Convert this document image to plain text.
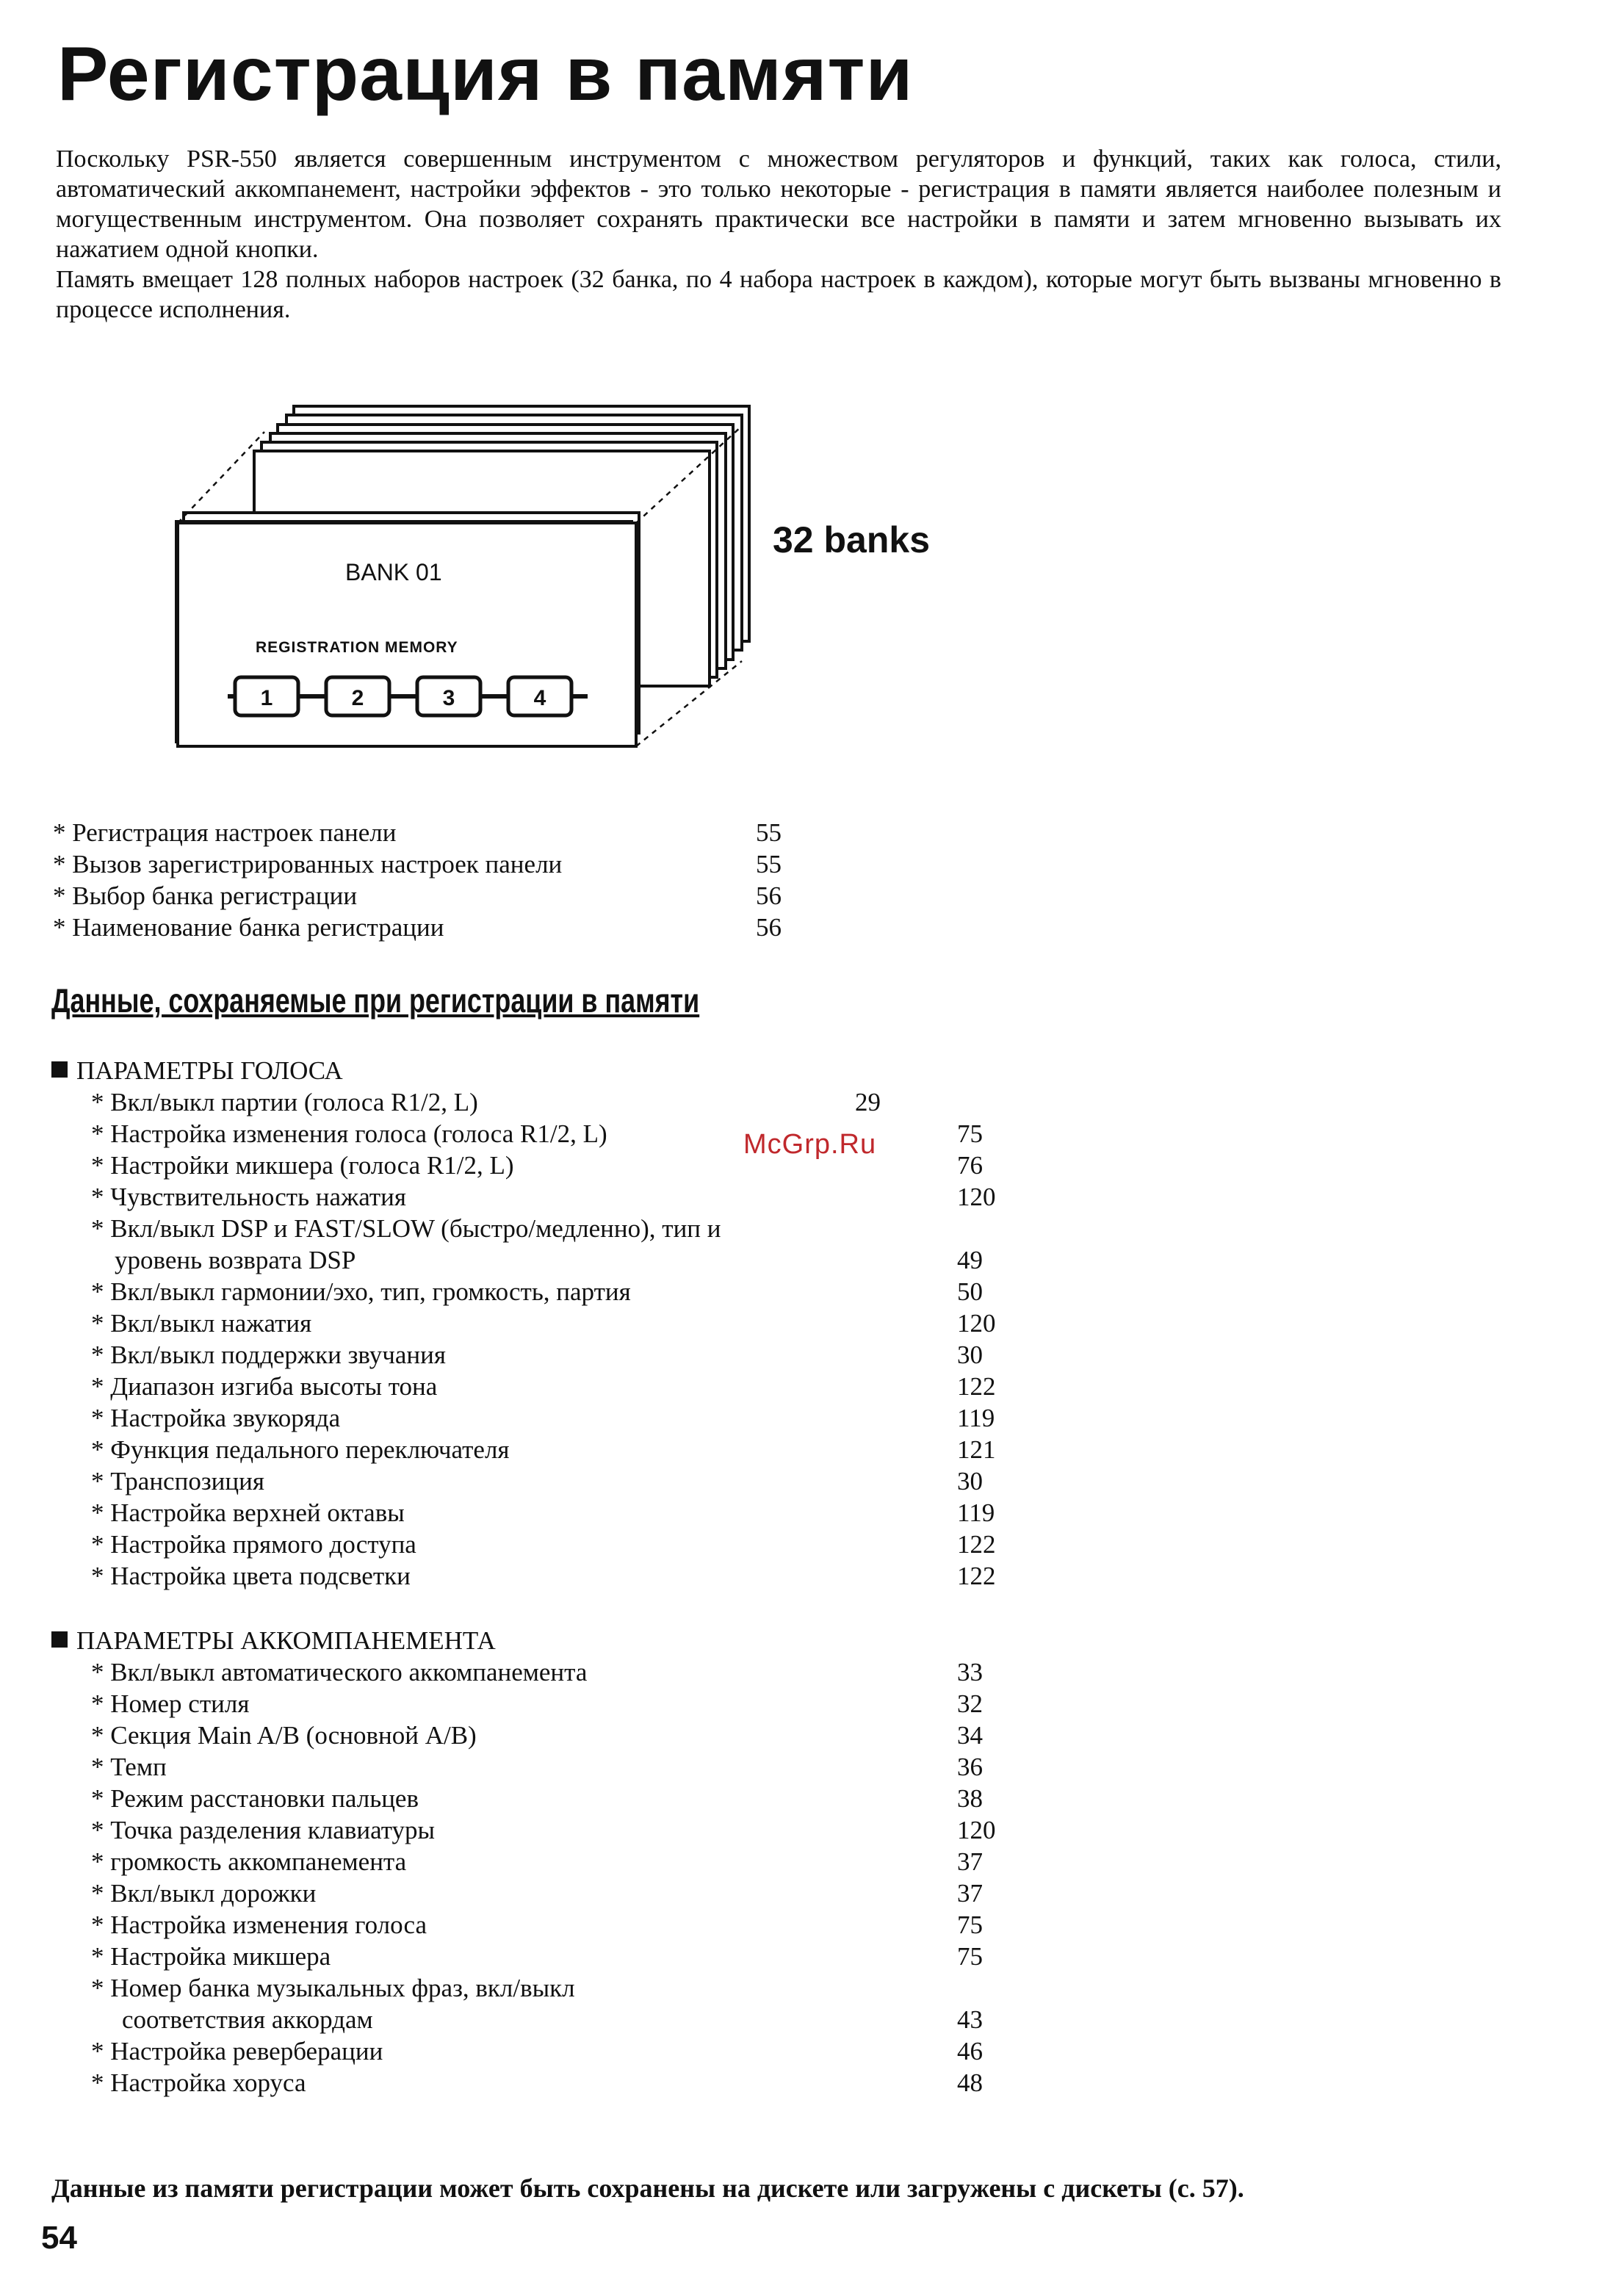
Регистрация в памяти

Поскольку PSR-550 является совершенным инструментом с множеством регуляторов и функций, таких как голоса, стили, автоматический аккомпанемент, настройки эффектов - это только некоторые - регистрация в памяти является наиболее полезным и могущественным инструментом. Она позволяет сохранять практически все настройки в памяти и затем мгновенно вызывать их нажатием одной кнопки.

Память вмещает 128 полных наборов настроек (32 банка, по 4 набора настроек в каждом), которые могут быть вызваны мгновенно в процессе исполнения.

BANK 01
REGISTRATION MEMORY
1	2	3	4
32 banks
* Регистрация настроек панели	55
* Вызов зарегистрированных настроек панели	55
* Выбор банка регистрации	56
* Наименование банка регистрации	56
Данные, сохраняемые при регистрации в памяти
ПАРАМЕТРЫ ГОЛОСА
* Вкл/выкл партии (голоса R1/2, L)	29
* Настройка изменения голоса (голоса R1/2, L)	75
* Настройки микшера (голоса R1/2, L)	76
* Чувствительность нажатия	120
* Вкл/выкл DSP и FAST/SLOW (быстро/медленно), тип и
уровень возврата DSP	49
* Вкл/выкл гармонии/эхо, тип, громкость, партия	50
* Вкл/выкл нажатия	120
* Вкл/выкл поддержки звучания	30
* Диапазон изгиба высоты тона	122
* Настройка звукоряда	119
* Функция педального переключателя	121
* Транспозиция	30
* Настройка верхней октавы	119
* Настройка прямого доступа	122
* Настройка цвета подсветки	122
McGrp.Ru
ПАРАМЕТРЫ АККОМПАНЕМЕНТА
* Вкл/выкл автоматического аккомпанемента	33
* Номер стиля	32
* Секция Main A/B (основной A/B)	34
* Темп	36
* Режим расстановки пальцев	38
* Точка разделения клавиатуры	120
* громкость аккомпанемента	37
* Вкл/выкл дорожки	37
* Настройка изменения голоса	75
* Настройка микшера	75
* Номер банка музыкальных фраз, вкл/выкл
соответствия аккордам	43
* Настройка реверберации	46
* Настройка хоруса	48
Данные из памяти регистрации может быть сохранены на дискете или загружены с дискеты (с. 57).
54
